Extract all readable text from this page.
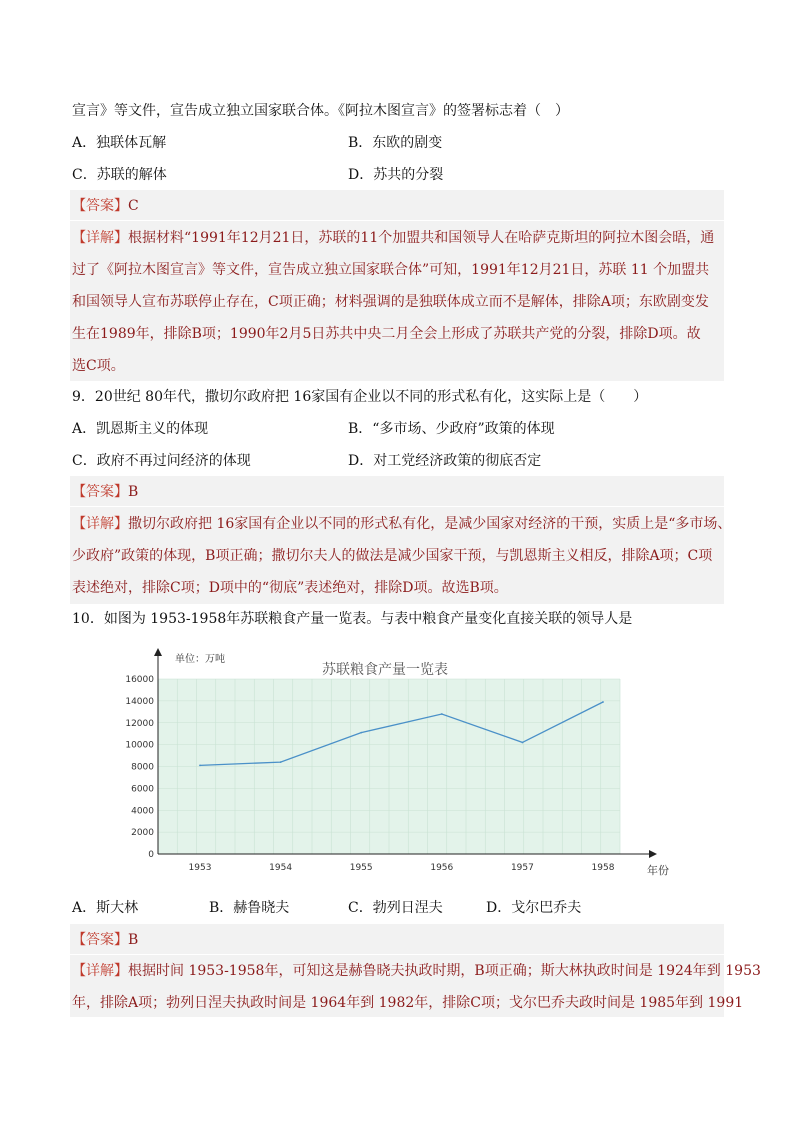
宣言》等文件，宣告成立独立国家联合体。《阿拉木图宣言》的签署标志着（　）
A．独联体瓦解	B．东欧的剧变
C．苏联的解体	D．苏共的分裂
【答案】C
【详解】根据材料“1991年12月21日，苏联的11个加盟共和国领导人在哈萨克斯坦的阿拉木图会晤，通
过了《阿拉木图宣言》等文件，宣告成立独立国家联合体”可知，1991年12月21日，苏联 11 个加盟共
和国领导人宣布苏联停止存在，C项正确；材料强调的是独联体成立而不是解体，排除A项；东欧剧变发
生在1989年，排除B项；1990年2月5日苏共中央二月全会上形成了苏联共产党的分裂，排除D项。故
选C项。
9．20世纪 80年代，撒切尔政府把 16家国有企业以不同的形式私有化，这实际上是（　　）
A．凯恩斯主义的体现	B．“多市场、少政府”政策的体现
C．政府不再过问经济的体现	D．对工党经济政策的彻底否定
【答案】B
【详解】撒切尔政府把 16家国有企业以不同的形式私有化，是减少国家对经济的干预，实质上是“多市场、
少政府”政策的体现，B项正确；撒切尔夫人的做法是减少国家干预，与凯恩斯主义相反，排除A项；C项
表述绝对，排除C项；D项中的“彻底”表述绝对，排除D项。故选B项。
10．如图为 1953-1958年苏联粮食产量一览表。与表中粮食产量变化直接关联的领导人是
0
2000
4000
6000
8000
10000
12000
14000
16000
1953	1954	1955	1956	1957	1958
单位：万吨
苏联粮食产量一览表
年份
A．斯大林	B．赫鲁晓夫	C．勃列日涅夫	D．戈尔巴乔夫
【答案】B
【详解】根据时间 1953-1958年，可知这是赫鲁晓夫执政时期，B项正确；斯大林执政时间是 1924年到 1953
年，排除A项；勃列日涅夫执政时间是 1964年到 1982年，排除C项；戈尔巴乔夫政时间是 1985年到 1991
